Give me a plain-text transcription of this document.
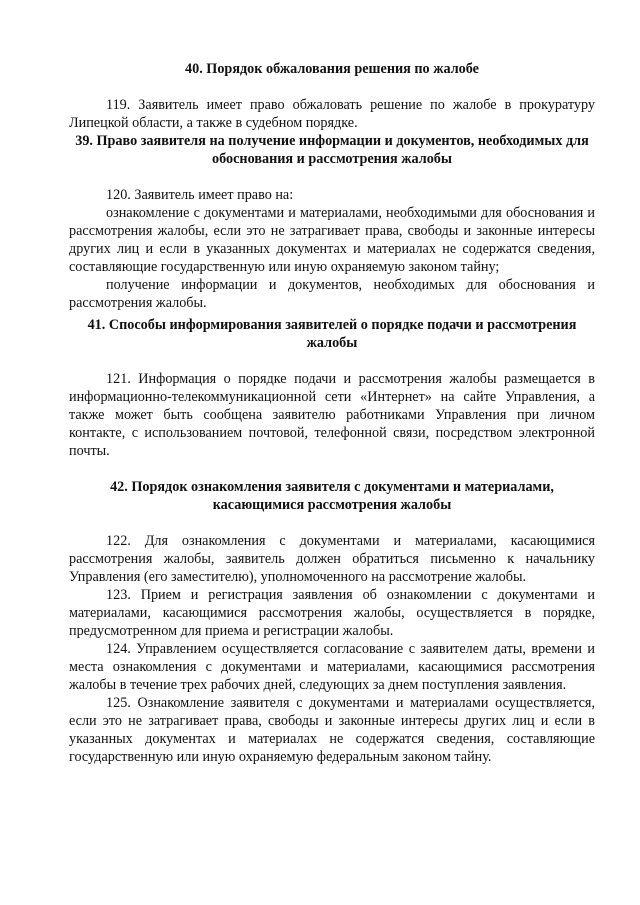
40. Порядок обжалования решения по жалобе

119. Заявитель имеет право обжаловать решение по жалобе в прокуратуру Липецкой области, а также в судебном порядке.

39. Право заявителя на получение информации и документов, необходимых для обоснования и рассмотрения жалобы

120. Заявитель имеет право на:

ознакомление с документами и материалами, необходимыми для обоснования и рассмотрения жалобы, если это не затрагивает права, свободы и законные интересы других лиц и если в указанных документах и материалах не содержатся сведения, составляющие государственную или иную охраняемую законом тайну;

получение информации и документов, необходимых для обоснования и рассмотрения жалобы.

41. Способы информирования заявителей о порядке подачи и рассмотрения жалобы

121. Информация о порядке подачи и рассмотрения жалобы размещается в информационно-телекоммуникационной сети «Интернет» на сайте Управления, а также может быть сообщена заявителю работниками Управления при личном контакте, с использованием почтовой, телефонной связи, посредством электронной почты.

42. Порядок ознакомления заявителя с документами и материалами, касающимися рассмотрения жалобы

122. Для ознакомления с документами и материалами, касающимися рассмотрения жалобы, заявитель должен обратиться письменно к начальнику Управления (его заместителю), уполномоченного на рассмотрение жалобы.

123. Прием и регистрация заявления об ознакомлении с документами и материалами, касающимися рассмотрения жалобы, осуществляется в порядке, предусмотренном для приема и регистрации жалобы.

124. Управлением осуществляется согласование с заявителем даты, времени и места ознакомления с документами и материалами, касающимися рассмотрения жалобы в течение трех рабочих дней, следующих за днем поступления заявления.

125. Ознакомление заявителя с документами и материалами осуществляется, если это не затрагивает права, свободы и законные интересы других лиц и если в указанных документах и материалах не содержатся сведения, составляющие государственную или иную охраняемую федеральным законом тайну.
